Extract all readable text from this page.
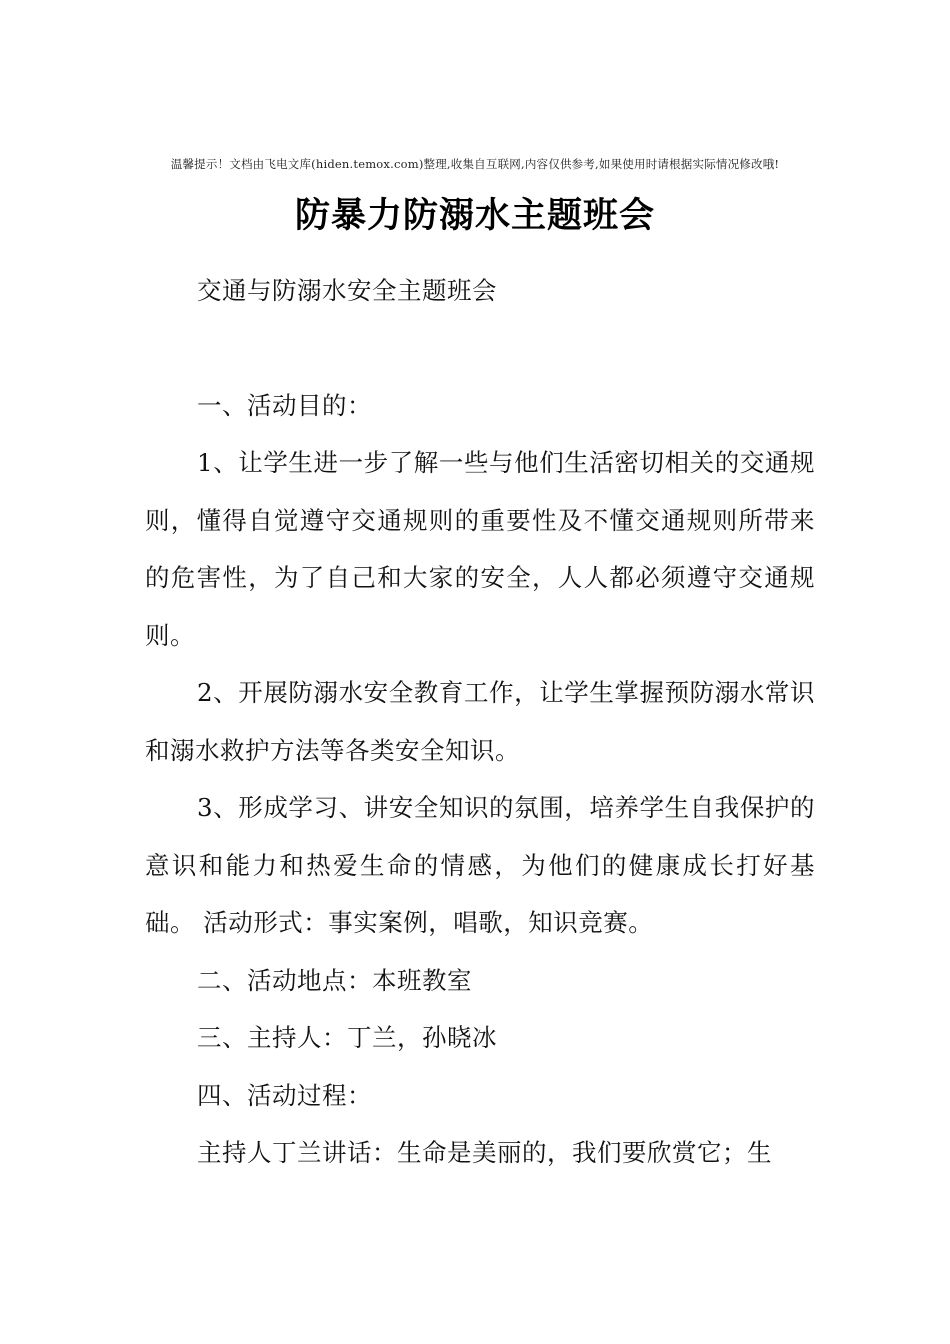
温馨提示！文档由飞电文库(hiden.temox.com)整理,收集自互联网,内容仅供参考,如果使用时请根据实际情况修改哦!
防暴力防溺水主题班会

交通与防溺水安全主题班会

一、活动目的：

1、让学生进一步了解一些与他们生活密切相关的交通规则，懂得自觉遵守交通规则的重要性及不懂交通规则所带来的危害性，为了自己和大家的安全，人人都必须遵守交通规则。

2、开展防溺水安全教育工作，让学生掌握预防溺水常识和溺水救护方法等各类安全知识。

3、形成学习、讲安全知识的氛围，培养学生自我保护的意识和能力和热爱生命的情感，为他们的健康成长打好基础。 活动形式：事实案例，唱歌，知识竞赛。

二、活动地点：本班教室

三、主持人：丁兰，孙晓冰

四、活动过程：

主持人丁兰讲话：生命是美丽的，我们要欣赏它；生
